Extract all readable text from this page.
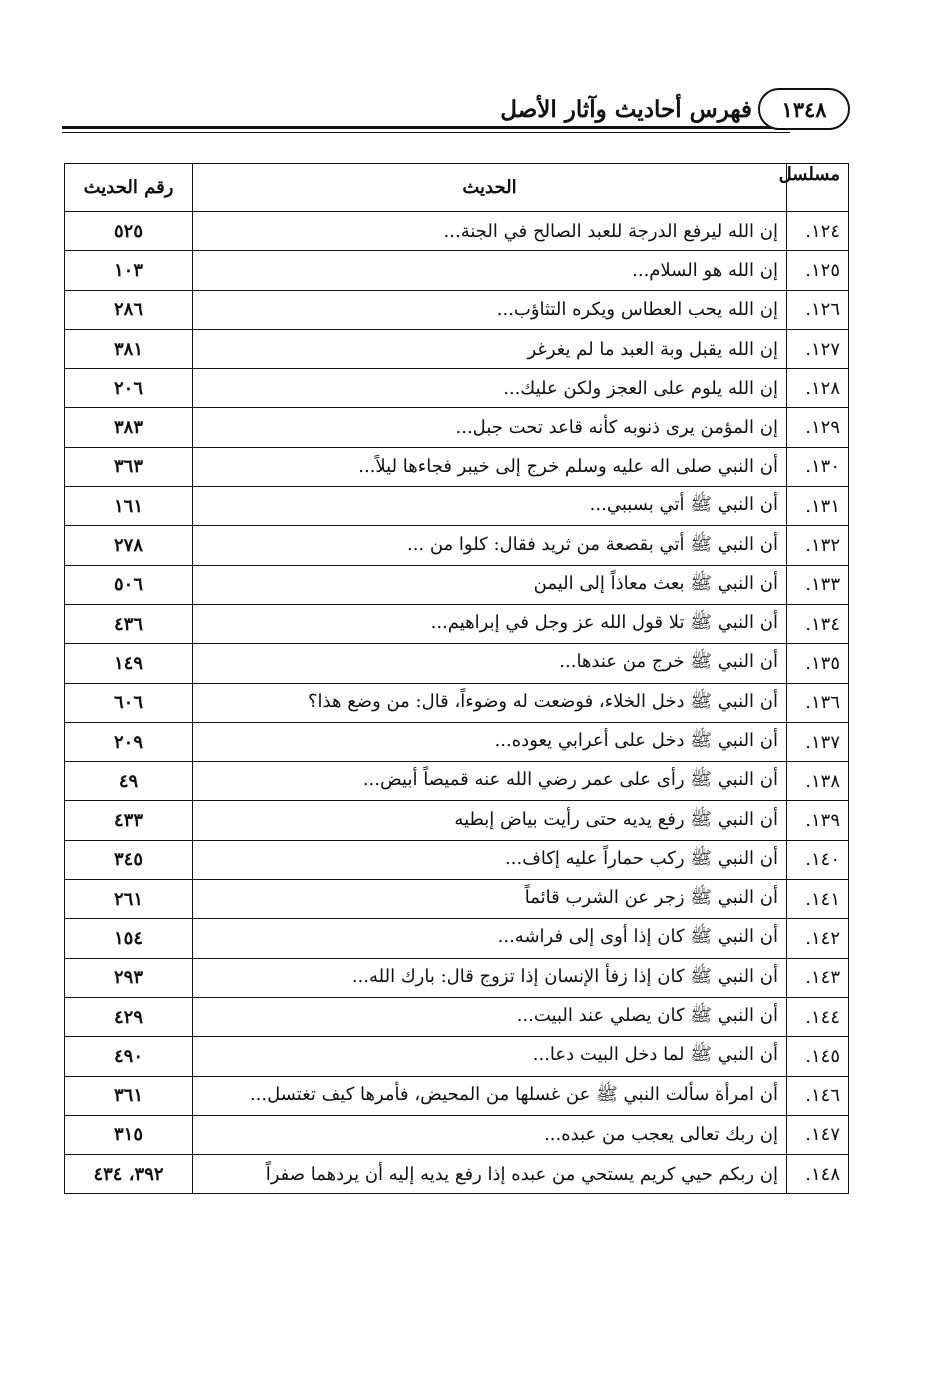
فهرس أحاديث وآثار الأصل	١٣٤٨
مسلسل	الحديث	رقم الحديث
١٢٤.	إن الله ليرفع الدرجة للعبد الصالح في الجنة...	٥٢٥
١٢٥.	إن الله هو السلام...	١٠٣
١٢٦.	إن الله يحب العطاس ويكره التثاؤب...	٢٨٦
١٢٧.	إن الله يقبل وبة العبد ما لم يغرغر	٣٨١
١٢٨.	إن الله يلوم على العجز ولكن عليك...	٢٠٦
١٢٩.	إن المؤمن يرى ذنوبه كأنه قاعد تحت جبل...	٣٨٣
١٣٠.	أن النبي صلى اله عليه وسلم خرج إلى خيبر فجاءها ليلاً...	٣٦٣
١٣١.	أن النبي ﷺ أتي بسببي...	١٦١
١٣٢.	أن النبي ﷺ أتي بقصعة من ثريد فقال: كلوا من ...	٢٧٨
١٣٣.	أن النبي ﷺ بعث معاذاً إلى اليمن	٥٠٦
١٣٤.	أن النبي ﷺ تلا قول الله عز وجل في إبراهيم...	٤٣٦
١٣٥.	أن النبي ﷺ خرج من عندها...	١٤٩
١٣٦.	أن النبي ﷺ دخل الخلاء، فوضعت له وضوءاً، قال: من وضع هذا؟	٦٠٦
١٣٧.	أن النبي ﷺ دخل على أعرابي يعوده...	٢٠٩
١٣٨.	أن النبي ﷺ رأى على عمر رضي الله عنه قميصاً أبيض...	٤٩
١٣٩.	أن النبي ﷺ رفع يديه حتى رأيت بياض إبطيه	٤٣٣
١٤٠.	أن النبي ﷺ ركب حماراً عليه إكاف...	٣٤٥
١٤١.	أن النبي ﷺ زجر عن الشرب قائماً	٢٦١
١٤٢.	أن النبي ﷺ كان إذا أوى إلى فراشه...	١٥٤
١٤٣.	أن النبي ﷺ كان إذا زفأ الإنسان إذا تزوج قال: بارك الله...	٢٩٣
١٤٤.	أن النبي ﷺ كان يصلي عند البيت...	٤٢٩
١٤٥.	أن النبي ﷺ لما دخل البيت دعا...	٤٩٠
١٤٦.	أن امرأة سألت النبي ﷺ عن غسلها من المحيض، فأمرها كيف تغتسل...	٣٦١
١٤٧.	إن ربك تعالى يعجب من عبده...	٣١٥
١٤٨.	إن ربكم حيي كريم يستحي من عبده إذا رفع يديه إليه أن يردهما صفراً	٣٩٢، ٤٣٤
